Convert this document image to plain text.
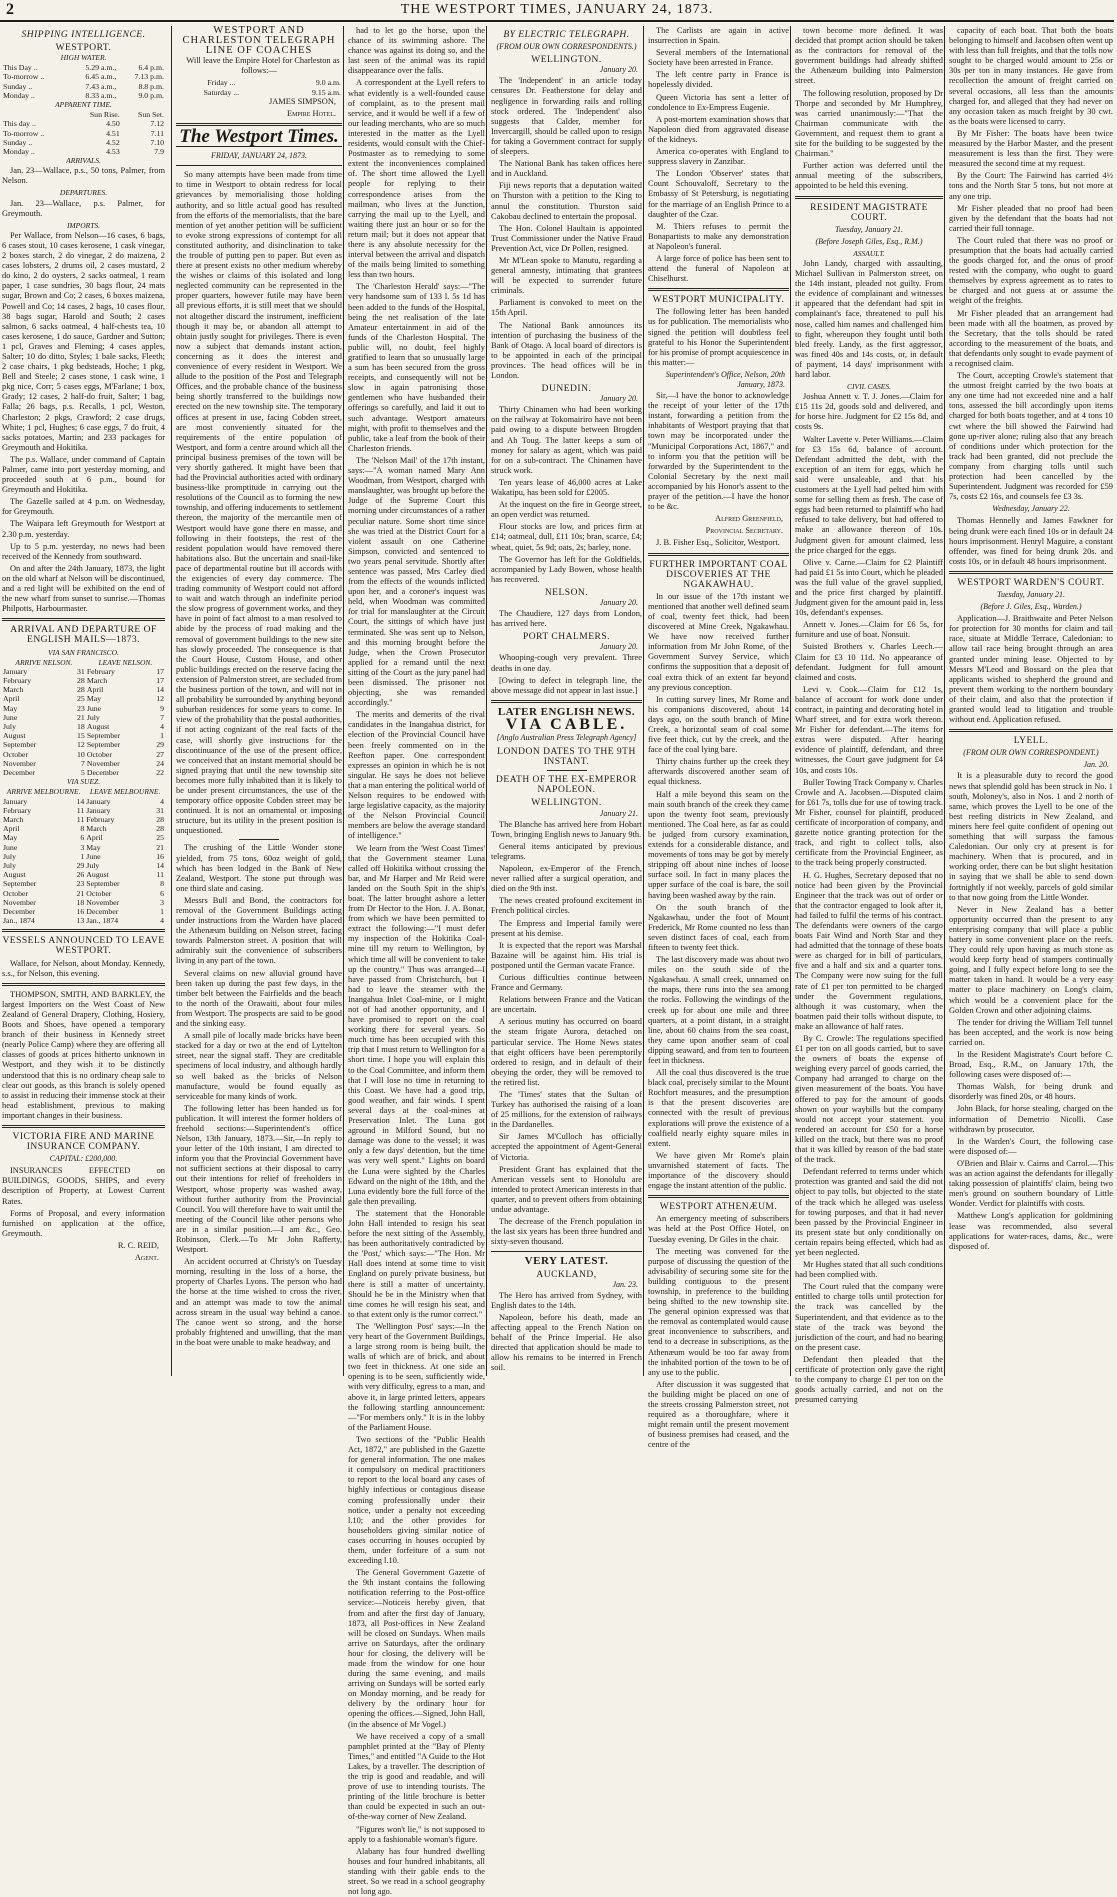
2	THE WESTPORT TIMES, JANUARY 24, 1873.
SHIPPING INTELLIGENCE.
WESTPORT.
HIGH WATER.
This Day ..	5.29 a.m.,	6.4 p.m.
To-morrow ..	6.45 a.m.,	7.13 p.m.
Sunday ..	7.43 a.m.,	8.8 p.m.
Monday ..	8.33 a.m.,	9.0 p.m.
APPARENT TIME.
	Sun Rise.	Sun Set.
This day ..	4.50	7.12
To-morrow ..	4.51	7.11
Sunday ..	4.52	7.10
Monday ..	4.53	7.9
ARRIVALS.

Jan. 23—Wallace, p.s., 50 tons, Palmer, from Nelson.

DEPARTURES.

Jan. 23—Wallace, p.s. Palmer, for Greymouth.

IMPORTS.

Per Wallace, from Nelson—16 cases, 6 bags, 6 cases stout, 10 cases kerosene, 1 cask vinegar, 2 boxes starch, 2 do vinegar, 2 do maizena, 2 cases lobsters, 2 drums oil, 2 cases mustard, 2 do kino, 2 do oysters, 2 sacks oatmeal, 1 ream paper, 1 case sundries, 30 bags flour, 24 mats sugar, Brown and Co; 2 cases, 6 boxes maizena, Powell and Co; 14 cases, 2 bags, 10 cases flour, 38 bags sugar, Harold and South; 2 cases salmon, 6 sacks oatmeal, 4 half-chests tea, 10 cases kerosene, 1 do sauce, Gardner and Sutton; 1 pcl, Graves and Fleming; 4 cases apples, Salter; 10 do ditto, Styles; 1 bale sacks, Fleeth; 2 case chairs, 1 pkg bedsteads, Hoche; 1 pkg, Bell and Steele; 2 cases stone, 1 cask wine, 1 pkg nice, Corr; 5 cases eggs, M'Farlane; 1 box, Grady; 12 cases, 2 half-do fruit, Salter; 1 bag, Falla; 26 bags, p.s. Recalls, 1 pcl, Weston, Charleston; 2 pkgs, Crawford; 2 case drugs, White; 1 pcl, Hughes; 6 case eggs, 7 do fruit, 4 sacks potatoes, Martin; and 233 packages for Greymouth and Hokitika.

The p.s. Wallace, under command of Captain Palmer, came into port yesterday morning, and proceeded south at 6 p.m., bound for Greymouth and Hokitika.

The Gazelle sailed at 4 p.m. on Wednesday, for Greymouth.

The Waipara left Greymouth for Westport at 2.30 p.m. yesterday.

Up to 5 p.m. yesterday, no news had been received of the Kennedy from southward.

On and after the 24th January, 1873, the light on the old wharf at Nelson will be discontinued, and a red light will be exhibited on the end of the new wharf from sunset to sunrise.—Thomas Philpotts, Harbourmaster.

ARRIVAL AND DEPARTURE OF ENGLISH MAILS—1873.
VIA SAN FRANCISCO.
ARRIVE NELSON.		LEAVE NELSON.	
January	31	February	17
February	28	March	17
March	28	April	14
April	25	May	12
May	23	June	9
June	21	July	7
July	18	August	4
August	15	September	1
September	12	September	29
October	10	October	27
November	7	November	24
December	5	December	22
VIA SUEZ.
ARRIVE MELBOURNE.		LEAVE MELBOURNE.	
January	14	January	4
February	11	January	31
March	11	February	28
April	8	March	28
May	6	April	25
June	3	May	21
July	1	June	16
July	29	July	14
August	26	August	11
September	23	September	8
October	21	October	6
November	18	November	3
December	16	December	1
Jan., 1874	13	Jan., 1874	4
VESSELS ANNOUNCED TO LEAVE WESTPORT.

Wallace, for Nelson, about Monday. Kennedy, s.s., for Nelson, this evening.

THOMPSON, SMITH, AND BARKLEY, the largest Importers on the West Coast of New Zealand of General Drapery, Clothing, Hosiery, Boots and Shoes, have opened a temporary branch of their business in Kennedy street (nearly Police Camp) where they are offering all classes of goods at prices hitherto unknown in Westport, and they wish it to be distinctly understood that this is no ordinary cheap sale to clear out goods, as this branch is solely opened to assist in reducing their immense stock at their head establishment, previous to making important changes in their business.

VICTORIA FIRE AND MARINE INSURANCE COMPANY.
CAPITAL: £200,000.

INSURANCES EFFECTED on BUILDINGS, GOODS, SHIPS, and every description of Property, at Lowest Current Rates.

Forms of Proposal, and every information furnished on application at the office, Greymouth.

R. C. REID,

Agent.

WESTPORT AND CHARLESTON TELEGRAPH LINE OF COACHES

Will leave the Empire Hotel for Charleston as follows:—

Friday ...	9.0 a.m.
Saturday ...	9.15 a.m.

JAMES SIMPSON,

Empire Hotel.

The Westport Times.
FRIDAY, JANUARY 24, 1873.

So many attempts have been made from time to time in Westport to obtain redress for local grievances by memorialising those holding authority, and so little actual good has resulted from the efforts of the memorialists, that the bare mention of yet another petition will be sufficient to evoke strong expressions of contempt for all constituted authority, and disinclination to take the trouble of putting pen to paper. But even as there at present exists no other medium whereby the wishes or claims of this isolated and long neglected community can be represented in the proper quarters, however futile may have been all previous efforts, it is still meet that we should not altogether discard the instrument, inefficient though it may be, or abandon all attempt to obtain justly sought for privileges. There is even now a subject that demands instant action, concerning as it does the interest and convenience of every resident in Westport. We allude to the position of the Post and Telegraph Offices, and the probable chance of the business being shortly transferred to the buildings now erected on the new township site. The temporary offices at present in use, facing Cobden street, are most conveniently situated for the requirements of the entire population of Westport, and form a centre around which all the principal business premises of the town will be very shortly gathered. It might have been that had the Provincial authorities acted with ordinary business-like promptitude in carrying out the resolutions of the Council as to forming the new township, and offering inducements to settlement thereon, the majority of the mercantile men of Westport would have gone there en masse, and following in their footsteps, the rest of the resident population would have removed there habitations also. But the uncertain and snail-like pace of departmental routine but ill accords with the exigencies of every day commerce. The trading community of Westport could not afford to wait and watch through an indefinite period the slow progress of government works, and they have in point of fact almost to a man resolved to abide by the process of road making and the removal of government buildings to the new site has slowly proceeded. The consequence is that the Court House, Custom House, and other public buildings erected on the reserve facing the extension of Palmerston street, are secluded from the business portion of the town, and will not in all probability be surrounded by anything beyond suburban residences for some years to come. In view of the probability that the postal authorities, if not acting cognizant of the real facts of the case, will shortly give instructions for the discontinuance of the use of the present office, we conceived that an instant memorial should be signed praying that until the new township site becomes more fully inhabited than it is likely to be under present circumstances, the use of the temporary office opposite Cobden street may be continued. It is not an ornamental or imposing structure, but its utility in the present position is unquestioned.

The crushing of the Little Wonder stone yielded, from 75 tons, 60oz weight of gold, which has been lodged in the Bank of New Zealand, Westport. The stone put through was one third slate and casing.

Messrs Bull and Bond, the contractors for removal of the Government Buildings acting under instructions from the Warden have placed the Athenæum building on Nelson street, facing towards Palmerston street. A position that will admirably suit the convenience of subscribers living in any part of the town.

Several claims on new alluvial ground have been taken up during the past few days, in the timber belt between the Fairfields and the beach to the north of the Orawaiti, about four miles from Westport. The prospects are said to be good and the sinking easy.

A small pile of locally made bricks have been stacked for a day or two at the end of Lyttelton street, near the signal staff. They are creditable specimens of local industry, and although hardly so well baked as the bricks of Nelson manufacture, would be found equally as serviceable for many kinds of work.

The following letter has been handed us for publication. It will interest the former holders of freehold sections:—Superintendent's office Nelson, 13th January, 1873.—Sir,—In reply to your letter of the 10th instant, I am directed to inform you that the Provincial Government have not sufficient sections at their disposal to carry out their intentions for relief of freeholders in Westport, whose property was washed away, without further authority from the Provincial Council. You will therefore have to wait until the meeting of the Council like other persons who are in a similar position.—I am &c., Geo. Robinson, Clerk.—To Mr John Rafferty, Westport.

An accident occurred at Christy's on Tuesday morning, resulting in the loss of a horse, the property of Charles Lyons. The person who had the horse at the time wished to cross the river, and an attempt was made to tow the animal across stream in the usual way behind a canoe. The canoe went so strong, and the horse probably frightened and unwilling, that the man in the boat were unable to make headway, and

had to let go the horse, upon the chance of its swimming ashore. The chance was against its doing so, and the last seen of the animal was its rapid disappearance over the falls.

A correspondent at the Lyell refers to what evidently is a well-founded cause of complaint, as to the present mail service, and it would be well if a few of our leading merchants, who are so much interested in the matter as the Lyell residents, would consult with the Chief-Postmaster as to remedying to some extent the inconveniences complained of. The short time allowed the Lyell people for replying to their correspondence arises from the mailman, who lives at the Junction, carrying the mail up to the Lyell, and waiting there just an hour or so for the return mail; but it does not appear that there is any absolute necessity for the interval between the arrival and dispatch of the mails being limited to something less than two hours.

The 'Charleston Herald' says:—"The very handsome sum of 133 l. 5s 1d has been added to the funds of the Hospital, being the net realisation of the late Amateur entertainment in aid of the funds of the Charleston Hospital. The public will, no doubt, feel highly gratified to learn that so unusually large a sum has been secured from the gross receipts, and consequently will not be slow in again patronising those gentlemen who have husbanded their offerings so carefully, and laid it out to such advantage. Westport amateurs might, with profit to themselves and the public, take a leaf from the book of their Charleston friends.

The 'Nelson Mail' of the 17th instant, says:—"A woman named Mary Ann Woodman, from Westport, charged with manslaughter, was brought up before the Judge of the Supreme Court this morning under circumstances of a rather peculiar nature. Some short time since she was tried at the District Court for a violent assault on one Catherine Simpson, convicted and sentenced to two years penal servitude. Shortly after sentence was passed, Mrs Carley died from the effects of the wounds inflicted upon her, and a coroner's inquest was held, when Woodman was committed for trial for manslaughter at the Circuit Court, the sittings of which have just terminated. She was sent up to Nelson, and this morning brought before the Judge, when the Crown Prosecutor applied for a remand until the next sitting of the Court as the jury panel had been dismissed. The prisoner not objecting, she was remanded accordingly."

The merits and demerits of the rival candidates in the Inangahua district, for election of the Provincial Council have been freely commented on in the Reefton paper. One correspondent expresses an opinion in which he is not singular. He says he does not believe that a man entering the political world of Nelson requires to be endowed with large legislative capacity, as the majority of the Nelson Provincial Council members are below the average standard of intelligence."

We learn from the 'West Coast Times' that the Government steamer Luna called off Hokitika without crossing the bar, and Mr Harper and Mr Reid were landed on the South Spit in the ship's boat. The latter brought ashore a letter from Dr Hector to the Hon. J. A. Bonar, from which we have been permitted to extract the following:—"I must defer my inspection of the Hokitika Coal-mine till my return to Wellington, by which time all will be convenient to take up the country." Thus was arranged—I have passed from Christchurch, but I had to leave the steamer with the Inangahua Inlet Coal-mine, or I might not of had another opportunity, and I have promised to report on the coal working there for several years. So much time has been occupied with this trip that I must return to Wellington for a short time. I hope you will explain this to the Coal Committee, and inform them that I will lose no time in returning to this Coast. We have had a good trip, good weather, and fair winds. I spent several days at the coal-mines at Preservation Inlet. The Luna got aground in Milford Sound, but no damage was done to the vessel; it was only a few days' detention, but the time was very well spent." Lights on board the Luna were sighted by the Charles Edward on the night of the 18th, and the Luna evidently bore the full force of the gale then prevailing.

The statement that the Honorable John Hall intended to resign his seat before the next sitting of the Assembly, has been authoritatively contradicted by the 'Post,' which says:—"The Hon. Mr Hall does intend at some time to visit England on purely private business, but there is still a matter of uncertainty. Should he be in the Ministry when that time comes he will resign his seat, and to that extent only is the rumor correct."

The 'Wellington Post' says:—In the very heart of the Government Buildings, a large strong room is being built, the walls of which are of brick, and about two feet in thickness. At one side an opening is to be seen, sufficiently wide, with very difficulty, egress to a man, and above it, in large printed letters, appears the following startling announcement:—"For members only." It is in the lobby of the Parliament House.

Two sections of the "Public Health Act, 1872," are published in the Gazette for general information. The one makes it compulsory on medical practitioners to report to the local board any cases of highly infectious or contagious disease coming professionally under their notice, under a penalty not exceeding l.10; and the other provides for householders giving similar notice of cases occurring in houses occupied by them, under forfeiture of a sum not exceeding l.10.

The General Government Gazette of the 9th instant contains the following notification referring to the Post-office service:—Noticeis hereby given, that from and after the first day of January, 1873, all Post-offices in New Zealand will be closed on Sundays. When mails arrive on Saturdays, after the ordinary hour for closing, the delivery will be made from the window for one hour during the same evening, and mails arriving on Sundays will be sorted early on Monday morning, and be ready for delivery by the ordinary hour for opening the offices.—Signed, John Hall, (in the absence of Mr Vogel.)

We have received a copy of a small pamphlet printed at the "Bay of Plenty Times," and entitled "A Guide to the Hot Lakes, by a traveller. The description of the trip is good and readable, and will prove of use to intending tourists. The printing of the little brochure is better than could be expected in such an out-of-the-way corner of New Zealand.

"Figures won't lie," is not supposed to apply to a fashionable woman's figure.

Alabany has four hundred dwelling houses and four hundred inhabitants, all standing with their gable ends to the street. So we read in a school geography not long ago.

BY ELECTRIC TELEGRAPH.
(FROM OUR OWN CORRESPONDENTS.)
WELLINGTON.
January 20.

The 'Independent' in an article today censures Dr. Featherstone for delay and negligence in forwarding rails and rolling stock ordered. The 'Independent' also suggests that Calder, member for Invercargill, should be called upon to resign for taking a Government contract for supply of sleepers.

The National Bank has taken offices here and in Auckland.

Fiji news reports that a deputation waited on Thurston with a petition to the King to annul the constitution. Thurston said Cakobau declined to entertain the proposal.

The Hon. Colonel Haultain is appointed Trust Commissioner under the Native Fraud Prevention Act, vice Dr Pollen, resigned.

Mr M'Lean spoke to Manutu, regarding a general amnesty, intimating that grantees will be expected to surrender future criminals.

Parliament is convoked to meet on the 15th April.

The National Bank announces its intention of purchasing the business of the Bank of Otago. A local board of directors is to be appointed in each of the principal provinces. The head offices will be in London.

DUNEDIN.
January 20.

Thirty Chinamen who had been working on the railway at Tokomairiro have not been paid owing to a dispute between Brogden and Ah Toug. The latter keeps a sum of money for salary as agent, which was paid for on a sub-contract. The Chinamen have struck work.

Ten years lease of 46,000 acres at Lake Wakatipu, has been sold for £2005.

At the inquest on the fire in George street, an open verdict was returned.

Flour stocks are low, and prices firm at £14; oatmeal, dull, £11 10s; bran, scarce, £4; wheat, quiet, 5s 9d; oats, 2s; barley, none.

The Governor has left for the Goldfields, accompanied by Lady Bowen, whose health has recovered.

NELSON.
January 20.

The Chaudiere, 127 days from London, has arrived here.

PORT CHALMERS.
January 20.

Whooping-cough very prevalent. Three deaths in one day.

[Owing to defect in telegraph line, the above message did not appear in last issue.]

LATER ENGLISH NEWS.
VIA CABLE.
[Anglo Australian Press Telegraph Agency]
LONDON DATES TO THE 9TH INSTANT.
DEATH OF THE EX-EMPEROR NAPOLEON.
WELLINGTON.
January 21.

The Blanche has arrived here from Hobart Town, bringing English news to January 9th.

General items anticipated by previous telegrams.

Napoleon, ex-Emperor of the French, never rallied after a surgical operation, and died on the 9th inst.

The news created profound excitement in French political circles.

The Empress and Imperial family were present at his demise.

It is expected that the report was Marshal Bazaine will be against him. His trial is postponed until the German vacate France.

Curious difficulties continue between France and Germany.

Relations between France and the Vatican are uncertain.

A serious mutiny has occurred on board the steam frigate Aurora, detached on particular service. The Home News states that eight officers have been peremptorily ordered to resign, and in default of their obeying the order, they will be removed to the retired list.

The 'Times' states that the Sultan of Turkey has authorised the raising of a loan of 25 millions, for the extension of railways in the Dardanelles.

Sir James M'Culloch has officially accepted the appointment of Agent-General of Victoria.

President Grant has explained that the American vessels sent to Honolulu are intended to protect American interests in that quarter, and to prevent others from obtaining undue advantage.

The decrease of the French population in the last six years has been three hundred and sixty-seven thousand.

VERY LATEST.
AUCKLAND,
Jan. 23.

The Hero has arrived from Sydney, with English dates to the 14th.

Napoleon, before his death, made an affecting appeal to the French Nation on behalf of the Prince Imperial. He also directed that application should be made to allow his remains to be interred in French soil.

The Carlists are again in active insurrection in Spain.

Several members of the International Society have been arrested in France.

The left centre party in France is hopelessly divided.

Queen Victoria has sent a letter of condolence to Ex-Empress Eugenie.

A post-mortem examination shows that Napoleon died from aggravated disease of the kidneys.

America co-operates with England to suppress slavery in Zanzibar.

The London 'Observer' states that Count Schouvaloff, Secretary to the Embassy of St Petersburg, is negotiating for the marriage of an English Prince to a daughter of the Czar.

M. Thiers refuses to permit the Bonapartists to make any demonstration at Napoleon's funeral.

A large force of police has been sent to attend the funeral of Napoleon at Chiselhurst.

WESTPORT MUNICIPALITY.

The following letter has been handed us for publication. The memorialists who signed the petition will doubtless feel grateful to his Honor the Superintendent for his promise of prompt acquiescence in this matter:—

Superintendent's Office, Nelson, 20th January, 1873.

Sir,—I have the honor to acknowledge the receipt of your letter of the 17th instant, forwarding a petition from the inhabitants of Westport praying that that town may be incorporated under the "Municipal Corporations Act, 1867," and to inform you that the petition will be forwarded by the Superintendent to the Colonial Secretary by the next mail accompanied by his Honor's assent to the prayer of the petition.—I have the honor to be &c.

Alfred Greenfield,

Provincial Secretary.

J. B. Fisher Esq., Solicitor, Westport.

FURTHER IMPORTANT COAL DISCOVERIES AT THE NGAKAWHAU.

In our issue of the 17th instant we mentioned that another well defined seam of coal, twenty feet thick, had been discovered at Mine Creek, Ngakawhau. We have now received further information from Mr John Rome, of the Government Survey Service, which confirms the supposition that a deposit of coal extra thick of an extent far beyond any previous conception.

In cutting survey lines, Mr Rome and his companions discovered, about 14 days ago, on the south branch of Mine Creek, a horizontal seam of coal some five feet thick, cut by the creek, and the face of the coal lying bare.

Thirty chains further up the creek they afterwards discovered another seam of equal thickness.

Half a mile beyond this seam on the main south branch of the creek they came upon the twenty foot seam, previously mentioned. The Coal here, as far as could be judged from cursory examination, extends for a considerable distance, and movements of tons may be got by merely stripping off about nine inches of loose surface soil. In fact in many places the upper surface of the coal is bare, the soil having been washed away by the rain.

On the south branch of the Ngakawhau, under the foot of Mount Frederick, Mr Rome counted no less than seven distinct faces of coal, each from fifteen to twenty feet thick.

The last discovery made was about two miles on the south side of the Ngakawhau. A small creek, unnamed on the maps, there runs into the sea among the rocks. Following the windings of the creek up for about one mile and three quarters, at a point distant, in a straight line, about 60 chains from the sea coast, they came upon another seam of coal dipping seaward, and from ten to fourteen feet in thickness.

All the coal thus discovered is the true black coal, precisely similar to the Mount Rochfort measures, and the presumption is that the present discoveries are connected with the result of previous explorations will prove the existence of a coalfield nearly eighty square miles in extent.

We have given Mr Rome's plain unvarnished statement of facts. The importance of the discovery should engage the instant attention of the public.

WESTPORT ATHENÆUM.

An emergency meeting of subscribers was held at the Post Office Hotel, on Tuesday evening. Dr Giles in the chair.

The meeting was convened for the purpose of discussing the question of the advisability of securing some site for the building contiguous to the present township, in preference to the building being shifted to the new township site. The general opinion expressed was that the removal as contemplated would cause great inconvenience to subscribers, and tend to a decrease in subscriptions, as the Athenæum would be too far away from the inhabited portion of the town to be of any use to the public.

After discussion it was suggested that the building might be placed on one of the streets crossing Palmerston street, not required as a thoroughfare, where it might remain until the present movement of business premises had ceased, and the centre of the

town become more defined. It was decided that prompt action should be taken as the contractors for removal of the government buildings had already shifted the Athenæum building into Palmerston street.

The following resolution, proposed by Dr Thorpe and seconded by Mr Humphrey, was carried unanimously:—"That the Chairman communicate with the Government, and request them to grant a site for the building to be suggested by the Chairman."

Further action was deferred until the annual meeting of the subscribers, appointed to be held this evening.

RESIDENT MAGISTRATE COURT.
Tuesday, January 21.
(Before Joseph Giles, Esq., R.M.)
ASSAULT.

John Landy, charged with assaulting, Michael Sullivan in Palmerston street, on the 14th instant, pleaded not guilty. From the evidence of complainant and witnesses it appeared that the defendant had spit in complainant's face, threatened to pull his nose, called him names and challenged him to fight, whereupon they fought until both bled freely. Landy, as the first aggressor, was fined 40s and 14s costs, or, in default of payment, 14 days' imprisonment with hard labor.

CIVIL CASES.

Joshua Annett v. T. J. Jones.—Claim for £15 11s 2d, goods sold and delivered, and for horse hire. Judgment for £2 15s 8d, and costs 9s.

Walter Lavette v. Peter Williams.—Claim for £3 15s 6d, balance of account. Defendant admitted the debt, with the exception of an item for eggs, which he said were unsaleable, and that his customers at the Lyell had pelted him with some for selling them as fresh. The case of eggs had been returned to plaintiff who had refused to take delivery, but had offered to make an allowance thereon of 10s. Judgment given for amount claimed, less the price charged for the eggs.

Olive v. Carne.—Claim for £2 Plaintiff had paid £1 5s into Court, which he pleaded was the full value of the gravel supplied, and the price first charged by plaintiff. Judgment given for the amount paid in, less 10s, defendant's expenses.

Annett v. Jones.—Claim for £6 5s, for furniture and use of boat. Nonsuit.

Suisted Brothers v. Charles Leech.—Claim for £3 10 11d. No appearance of defendant. Judgment for full amount claimed and costs.

Levi v. Cook.—Claim for £12 1s, balance of account for work done under contract, in painting and decorating hotel in Wharf street, and for extra work thereon. Mr Fisher for defendant.—The items for extras were disputed. After hearing evidence of plaintiff, defendant, and three witnesses, the Court gave judgment for £4 10s, and costs 10s.

Buller Towing Track Company v. Charles Crowle and A. Jacobsen.—Disputed claim for £61 7s, tolls due for use of towing track. Mr Fisher, counsel for plaintiff, produced certificate of incorporation of company, and gazette notice granting protection for the track, and right to collect tolls, also certificate from the Provincial Engineer, as to the track being properly constructed.

H. G. Hughes, Secretary deposed that no notice had been given by the Provincial Engineer that the track was out of order or that the contractor engaged to look after it, had failed to fulfil the terms of his contract. The defendants were owners of the cargo boats Fair Wind and North Star and they had admitted that the tonnage of these boats were as charged for in bill of particulars, five and a half and six and a quarter tons. The Company were now suing for the full rate of £1 per ton permitted to be charged under the Government regulations, although it was customary, when the boatmen paid their tolls without dispute, to make an allowance of half rates.

By C. Crowle: The regulations specified £1 per ton on all goods carried, but to save the owners of boats the expense of weighing every parcel of goods carried, the Company had arranged to charge on the given measurement of the boats. You have offered to pay for the amount of goods shown on your waybills but the company would not accept your statement. you rendered an account for £50 for a horse killed on the track, but there was no proof that it was killed by reason of the bad state of the track.

Defendant referred to terms under which protection was granted and said the did not object to pay tolls, but objected to the state of the track which he alleged was useless for towing purposes, and that it had never been passed by the Provincial Engineer in its present state but only conditionally on certain repairs being effected, which had as yet been neglected.

Mr Hughes stated that all such conditions had been complied with.

The Court ruled that the company were entitled to charge tolls until protection for the track was cancelled by the Superintendent, and that evidence as to the state of the track was beyond the jurisdiction of the court, and had no bearing on the present case.

Defendant then pleaded that the certificate of protection only gave the right to the company to charge £1 per ton on the goods actually carried, and not on the presumed carrying

capacity of each boat. That both the boats belonging to himself and Jacobsen often went up with less than full freights, and that the tolls now sought to be charged would amount to 25s or 30s per ton in many instances. He gave from recollection the amount of freight carried on several occasions, all less than the amounts charged for, and alleged that they had never on any occasion taken as much freight by 30 cwt. as the boats were licensed to carry.

By Mr Fisher: The boats have been twice measured by the Harbor Master, and the present measurement is less than the first. They were measured the second time at my request.

By the Court: The Fairwind has carried 4½ tons and the North Star 5 tons, but not more at any one trip.

Mr Fisher pleaded that no proof had been given by the defendant that the boats had not carried their full tonnage.

The Court ruled that there was no proof or presumption that the boats had actually carried the goods charged for, and the onus of proof rested with the company, who ought to guard themselves by express agreement as to rates to be charged and not guess at or assume the weight of the freights.

Mr Fisher pleaded that an arrangement had been made with all the boatmen, as proved by the Secretary, that the tolls should be rated according to the measurement of the boats, and that defendants only sought to evade payment of a recognised claim.

The Court, accepting Crowle's statement that the utmost freight carried by the two boats at any one time had not exceeded nine and a half tons, assessed the bill accordingly upon items charged for both boats together, and at 4 tons 10 cwt where the bill showed the Fairwind had gone up-river alone; ruling also that any breach of conditions under which protection for the track had been granted, did not preclude the company from charging tolls until such protection had been cancelled by the Superintendent. Judgment was recorded for £59 7s, costs £2 16s, and counsels fee £3 3s.

Wednesday, January 22.

Thomas Hennelly and James Fawkner for being drunk were each fined 10s or in default 24 hours imprisonment. Henryl Maguire, a constant offender, was fined for being drunk 20s. and costs 10s, or in default 48 hours imprisonment.

WESTPORT WARDEN'S COURT.
Tuesday, January 21.
(Before J. Giles, Esq., Warden.)

Application—J. Braithwaite and Peter Nelson for protection for 30 months for claim and tail race, situate at Middle Terrace, Caledonian: to allow tail race being brought through an area granted under mining lease. Objected to by Messrs M'Leod and Bossard on the plea that applicants wished to shepherd the ground and prevent them working to the northern boundary of their claim, and also that the protection if granted would lead to litigation and trouble without end. Application refused.

LYELL.
(FROM OUR OWN CORRESPONDENT.)
Jan. 20.

It is a pleasurable duty to record the good news that splendid gold has been struck in No. 1 south, Moloney's, also in Nos. 1 and 2 north of same, which proves the Lyell to be one of the best reefing districts in New Zealand, and miners here feel quite confident of opening out something that will surpass the famous Caledonian. Our only cry at present is for machinery. When that is procured, and in working order, there can be but slight hesitation in saying that we shall be able to send down fortnightly if not weekly, parcels of gold similar to that now going from the Little Wonder.

Never in New Zealand has a better opportunity occurred than the present to any enterprising company that will place a public battery in some convenient place on the reefs. They could rely upon having as much stone as would keep forty head of stampers continually going, and I fully expect before long to see the matter taken in hand. It would be a very easy matter to place machinery on Long's claim, which would be a convenient place for the Golden Crown and other adjoining claims.

The tender for driving the William Tell tunnel has been accepted, and the work is now being carried on.

In the Resident Magistrate's Court before C. Broad, Esq., R.M., on January 17th, the following cases were disposed of:—

Thomas Walsh, for being drunk and disorderly was fined 20s, or 48 hours.

John Black, for horse stealing, charged on the information of Demetrio Nicolli. Case withdrawn by prosecutor.

In the Warden's Court, the following case were disposed of:—

O'Brien and Blair v. Cairns and Carrol.—This was an action against the defendants for illegally taking possession of plaintiffs' claim, being two men's ground on southern boundary of Little Wonder. Verdict for plaintiffs with costs.

Matthew Long's application for goldmining lease was recommended, also several applications for water-races, dams, &c., were disposed of.
